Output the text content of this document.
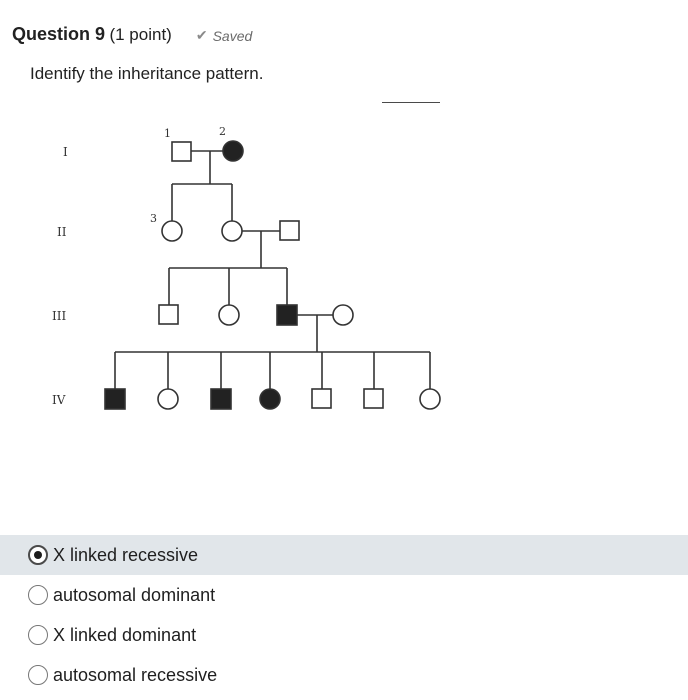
Question 9 (1 point) ✔ Saved
Identify the inheritance pattern.
I
II
III
IV
1	2
3
X linked recessive
autosomal dominant
X linked dominant
autosomal recessive
